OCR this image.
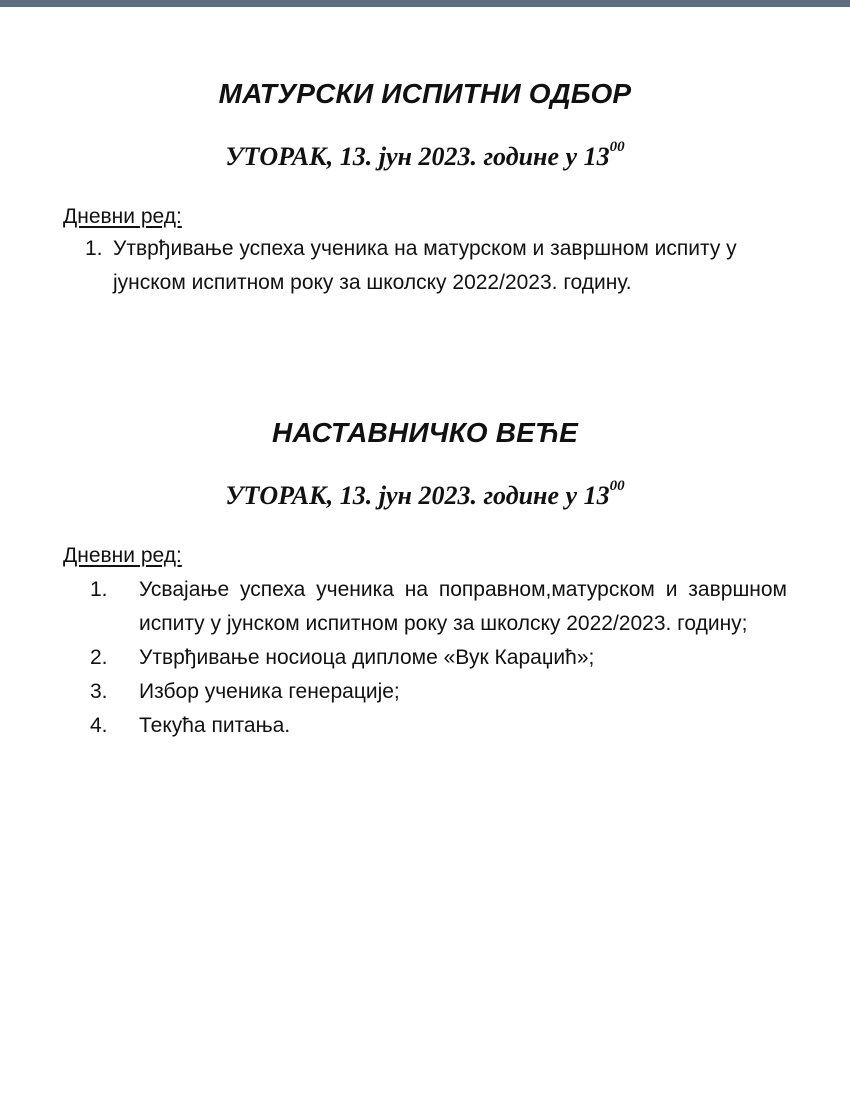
МАТУРСКИ ИСПИТНИ ОДБОР
УТОРАК, 13. јун 2023. године у $13^{00}$
Дневни ред:
1. Утврђивање успеха ученика на матурском и завршном испиту у јунском испитном року за школску 2022/2023. годину.
НАСТАВНИЧКО ВЕЋЕ
УТОРАК, 13. јун 2023. године у $13^{00}$
Дневни ред:
1.	Усвајање успеха ученика на поправном,матурском и завршном испиту у јунском испитном року за школску 2022/2023. годину;
2.	Утврђивање носиоца дипломе «Вук Караџић»;
3.	Избор ученика генерације;
4.	Текућа питања.
